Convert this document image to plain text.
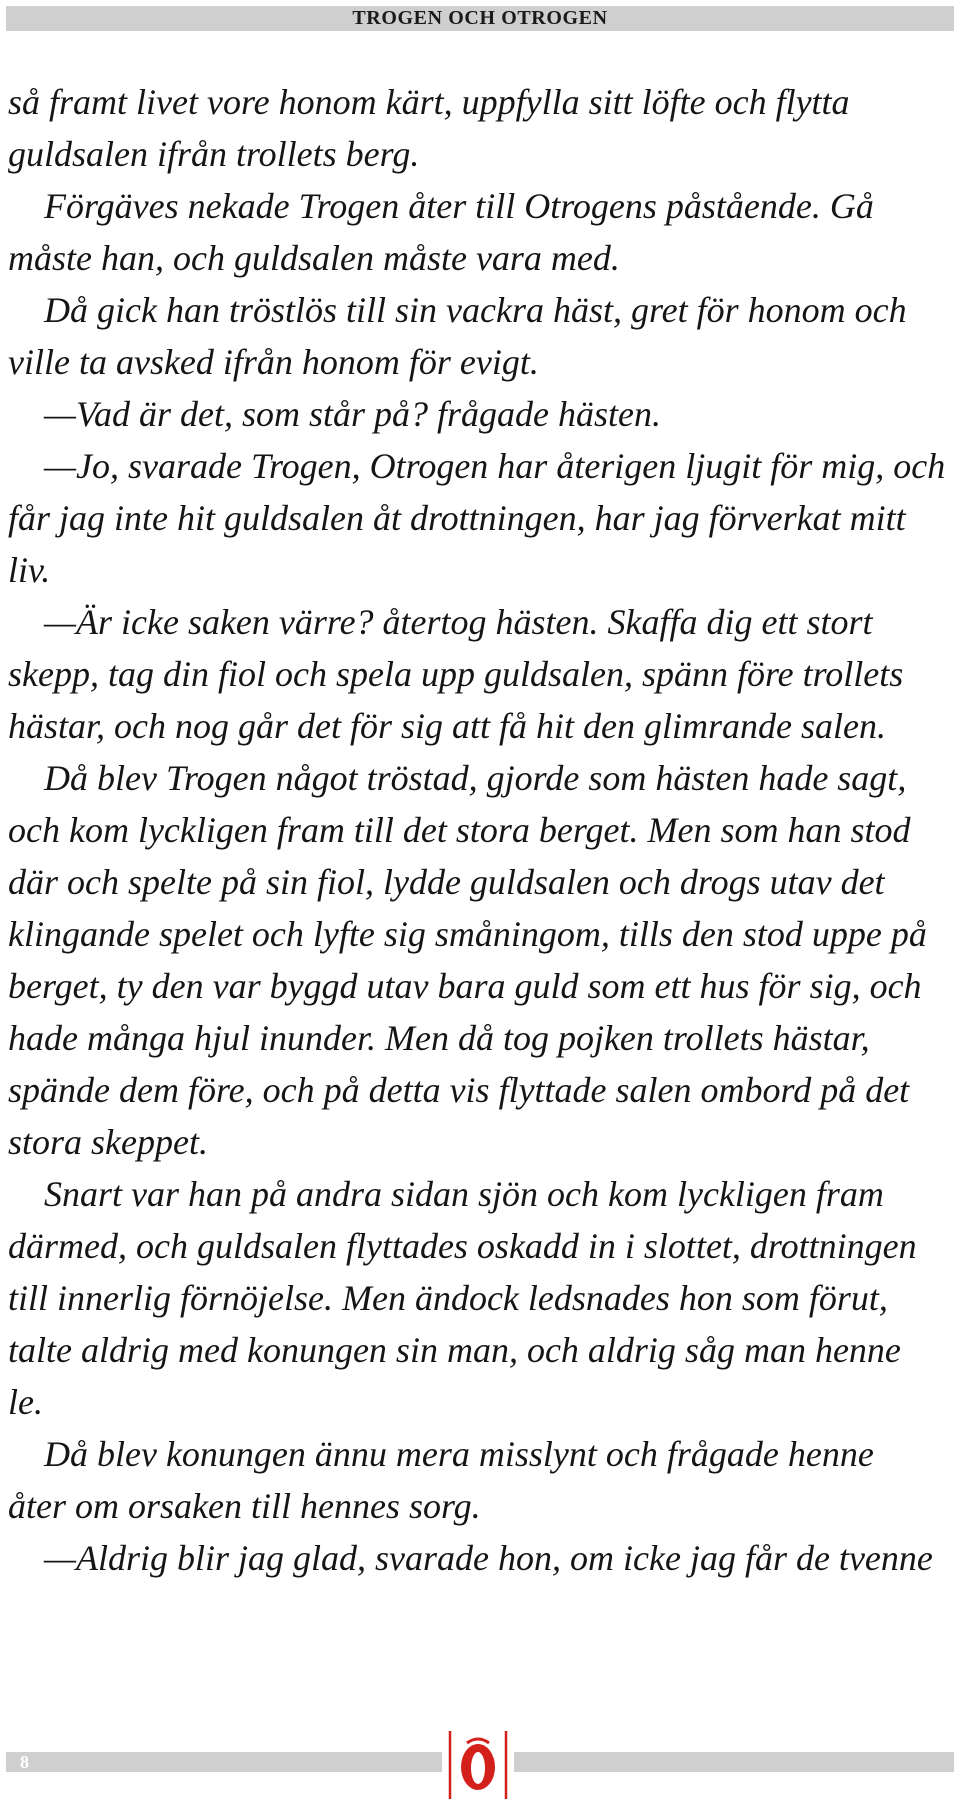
TROGEN OCH OTROGEN
så framt livet vore honom kärt, uppfylla sitt löfte och flytta
guldsalen ifrån trollets berg.
Förgäves nekade Trogen åter till Otrogens påstående. Gå
måste han, och guldsalen måste vara med.
Då gick han tröstlös till sin vackra häst, gret för honom och
ville ta avsked ifrån honom för evigt.
—Vad är det, som står på? frågade hästen.
—Jo, svarade Trogen, Otrogen har återigen ljugit för mig, och
får jag inte hit guldsalen åt drottningen, har jag förverkat mitt
liv.
—Är icke saken värre? återtog hästen. Skaffa dig ett stort
skepp, tag din fiol och spela upp guldsalen, spänn före trollets
hästar, och nog går det för sig att få hit den glimrande salen.
Då blev Trogen något tröstad, gjorde som hästen hade sagt,
och kom lyckligen fram till det stora berget. Men som han stod
där och spelte på sin fiol, lydde guldsalen och drogs utav det
klingande spelet och lyfte sig småningom, tills den stod uppe på
berget, ty den var byggd utav bara guld som ett hus för sig, och
hade många hjul inunder. Men då tog pojken trollets hästar,
spände dem före, och på detta vis flyttade salen ombord på det
stora skeppet.
Snart var han på andra sidan sjön och kom lyckligen fram
därmed, och guldsalen flyttades oskadd in i slottet, drottningen
till innerlig förnöjelse. Men ändock ledsnades hon som förut,
talte aldrig med konungen sin man, och aldrig såg man henne
le.
Då blev konungen ännu mera misslynt och frågade henne
åter om orsaken till hennes sorg.
—Aldrig blir jag glad, svarade hon, om icke jag får de tvenne
8
